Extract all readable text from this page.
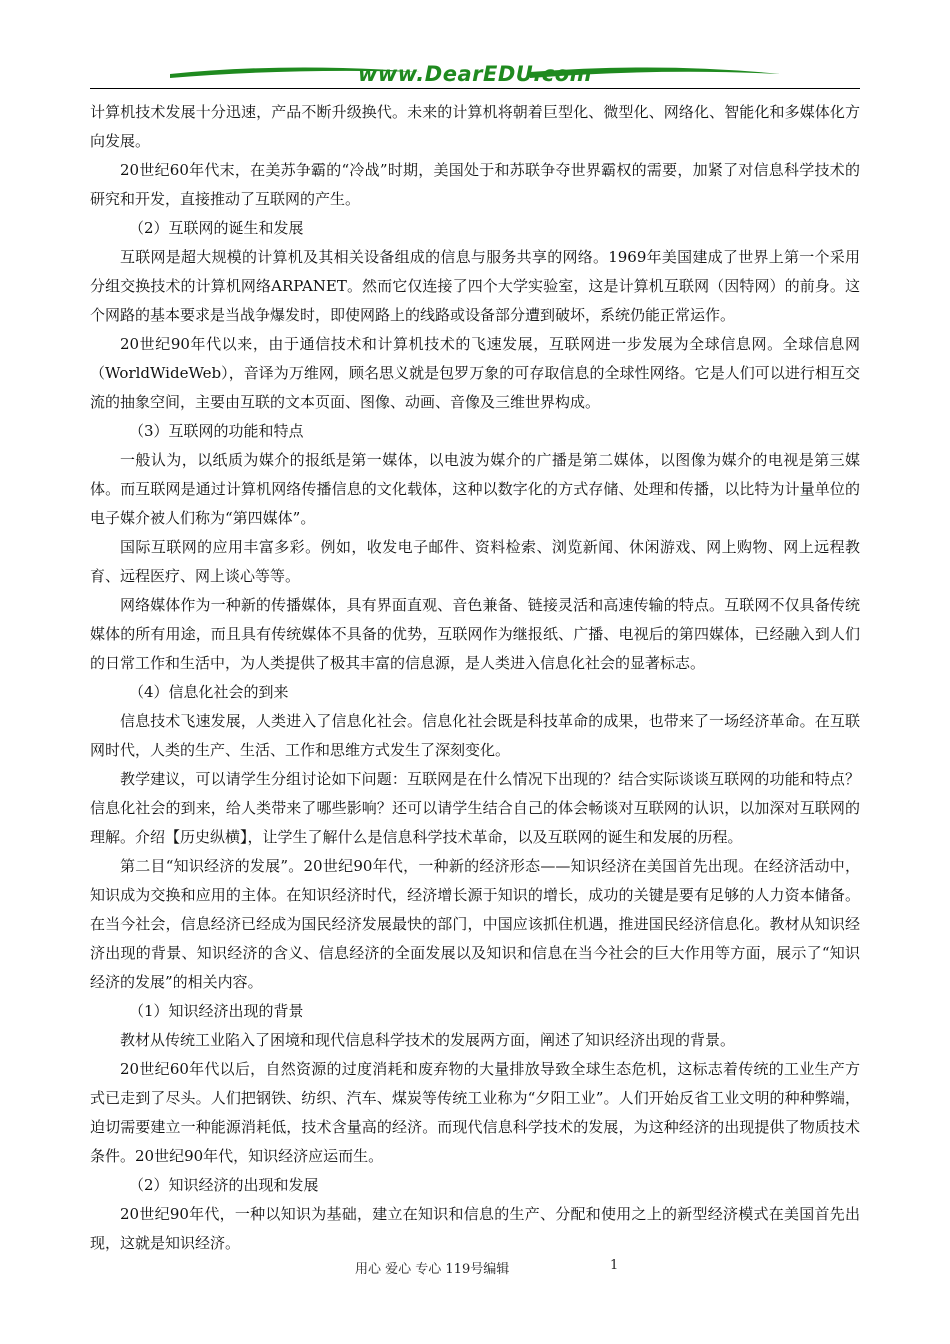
www.DearEDU.com

计算机技术发展十分迅速，产品不断升级换代。未来的计算机将朝着巨型化、微型化、网络化、智能化和多媒体化方向发展。

20世纪60年代末，在美苏争霸的“冷战”时期，美国处于和苏联争夺世界霸权的需要，加紧了对信息科学技术的研究和开发，直接推动了互联网的产生。

（2）互联网的诞生和发展

互联网是超大规模的计算机及其相关设备组成的信息与服务共享的网络。1969年美国建成了世界上第一个采用分组交换技术的计算机网络ARPANET。然而它仅连接了四个大学实验室，这是计算机互联网（因特网）的前身。这个网路的基本要求是当战争爆发时，即使网路上的线路或设备部分遭到破坏，系统仍能正常运作。

20世纪90年代以来，由于通信技术和计算机技术的飞速发展，互联网进一步发展为全球信息网。全球信息网（WorldWideWeb），音译为万维网，顾名思义就是包罗万象的可存取信息的全球性网络。它是人们可以进行相互交流的抽象空间，主要由互联的文本页面、图像、动画、音像及三维世界构成。

（3）互联网的功能和特点

一般认为，以纸质为媒介的报纸是第一媒体，以电波为媒介的广播是第二媒体，以图像为媒介的电视是第三媒体。而互联网是通过计算机网络传播信息的文化载体，这种以数字化的方式存储、处理和传播，以比特为计量单位的电子媒介被人们称为“第四媒体”。

国际互联网的应用丰富多彩。例如，收发电子邮件、资料检索、浏览新闻、休闲游戏、网上购物、网上远程教育、远程医疗、网上谈心等等。

网络媒体作为一种新的传播媒体，具有界面直观、音色兼备、链接灵活和高速传输的特点。互联网不仅具备传统媒体的所有用途，而且具有传统媒体不具备的优势，互联网作为继报纸、广播、电视后的第四媒体，已经融入到人们的日常工作和生活中，为人类提供了极其丰富的信息源，是人类进入信息化社会的显著标志。

（4）信息化社会的到来

信息技术飞速发展，人类进入了信息化社会。信息化社会既是科技革命的成果，也带来了一场经济革命。在互联网时代，人类的生产、生活、工作和思维方式发生了深刻变化。

教学建议，可以请学生分组讨论如下问题：互联网是在什么情况下出现的？结合实际谈谈互联网的功能和特点？信息化社会的到来，给人类带来了哪些影响？还可以请学生结合自己的体会畅谈对互联网的认识，以加深对互联网的理解。介绍【历史纵横】，让学生了解什么是信息科学技术革命，以及互联网的诞生和发展的历程。

第二目“知识经济的发展”。20世纪90年代，一种新的经济形态——知识经济在美国首先出现。在经济活动中，知识成为交换和应用的主体。在知识经济时代，经济增长源于知识的增长，成功的关键是要有足够的人力资本储备。在当今社会，信息经济已经成为国民经济发展最快的部门，中国应该抓住机遇，推进国民经济信息化。教材从知识经济出现的背景、知识经济的含义、信息经济的全面发展以及知识和信息在当今社会的巨大作用等方面，展示了“知识经济的发展”的相关内容。

（1）知识经济出现的背景

教材从传统工业陷入了困境和现代信息科学技术的发展两方面，阐述了知识经济出现的背景。

20世纪60年代以后，自然资源的过度消耗和废弃物的大量排放导致全球生态危机，这标志着传统的工业生产方式已走到了尽头。人们把钢铁、纺织、汽车、煤炭等传统工业称为“夕阳工业”。人们开始反省工业文明的种种弊端，迫切需要建立一种能源消耗低，技术含量高的经济。而现代信息科学技术的发展，为这种经济的出现提供了物质技术条件。20世纪90年代，知识经济应运而生。

（2）知识经济的出现和发展

20世纪90年代，一种以知识为基础，建立在知识和信息的生产、分配和使用之上的新型经济模式在美国首先出现，这就是知识经济。

用心 爱心 专心 119号编辑	1
